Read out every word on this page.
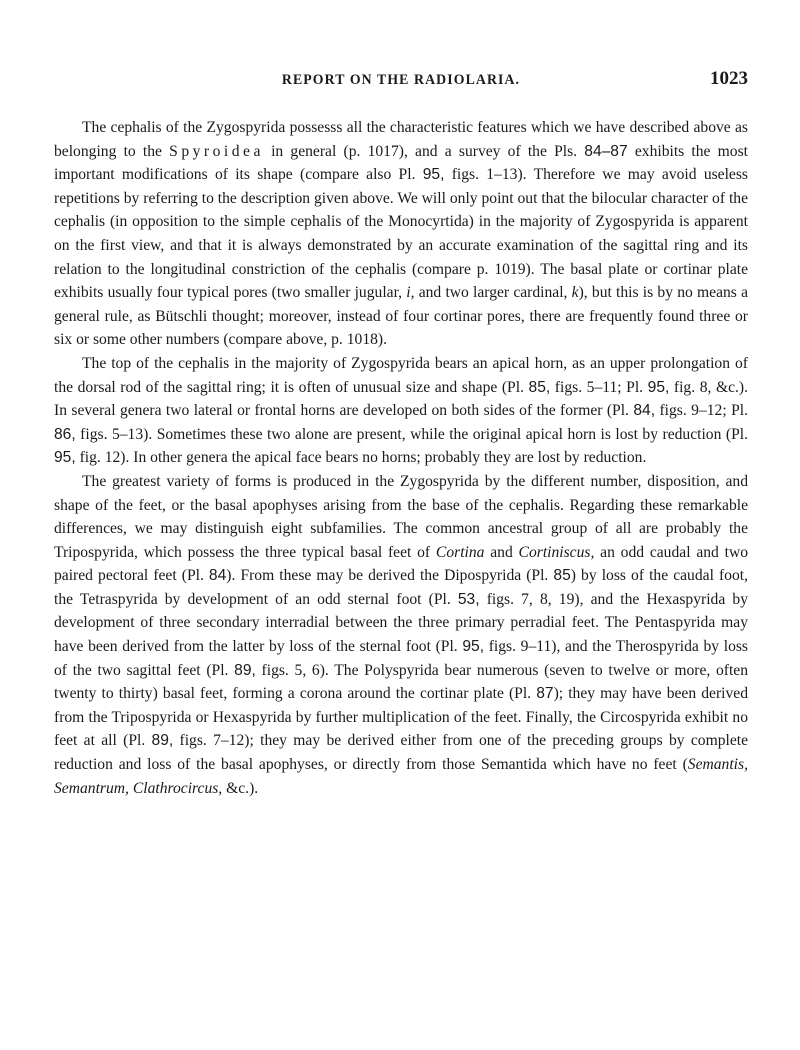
REPORT ON THE RADIOLARIA.	1023

The cephalis of the Zygospyrida possesss all the characteristic features which we have described above as belonging to the Spyroidea in general (p. 1017), and a survey of the Pls. 84–87 exhibits the most important modifications of its shape (compare also Pl. 95, figs. 1–13). Therefore we may avoid useless repetitions by referring to the description given above. We will only point out that the bilocular character of the cephalis (in opposition to the simple cephalis of the Monocyrtida) in the majority of Zygospyrida is apparent on the first view, and that it is always demonstrated by an accurate examination of the sagittal ring and its relation to the longitudinal constriction of the cephalis (compare p. 1019). The basal plate or cortinar plate exhibits usually four typical pores (two smaller jugular, i, and two larger cardinal, k), but this is by no means a general rule, as Bütschli thought; moreover, instead of four cortinar pores, there are frequently found three or six or some other numbers (compare above, p. 1018).

The top of the cephalis in the majority of Zygospyrida bears an apical horn, as an upper prolongation of the dorsal rod of the sagittal ring; it is often of unusual size and shape (Pl. 85, figs. 5–11; Pl. 95, fig. 8, &c.). In several genera two lateral or frontal horns are developed on both sides of the former (Pl. 84, figs. 9–12; Pl. 86, figs. 5–13). Sometimes these two alone are present, while the original apical horn is lost by reduction (Pl. 95, fig. 12). In other genera the apical face bears no horns; probably they are lost by reduction.

The greatest variety of forms is produced in the Zygospyrida by the different number, disposition, and shape of the feet, or the basal apophyses arising from the base of the cephalis. Regarding these remarkable differences, we may distinguish eight subfamilies. The common ancestral group of all are probably the Tripospyrida, which possess the three typical basal feet of Cortina and Cortiniscus, an odd caudal and two paired pectoral feet (Pl. 84). From these may be derived the Dipospyrida (Pl. 85) by loss of the caudal foot, the Tetraspyrida by development of an odd sternal foot (Pl. 53, figs. 7, 8, 19), and the Hexaspyrida by development of three secondary interradial between the three primary perradial feet. The Pentaspyrida may have been derived from the latter by loss of the sternal foot (Pl. 95, figs. 9–11), and the Therospyrida by loss of the two sagittal feet (Pl. 89, figs. 5, 6). The Polyspyrida bear numerous (seven to twelve or more, often twenty to thirty) basal feet, forming a corona around the cortinar plate (Pl. 87); they may have been derived from the Tripospyrida or Hexaspyrida by further multiplication of the feet. Finally, the Circospyrida exhibit no feet at all (Pl. 89, figs. 7–12); they may be derived either from one of the preceding groups by complete reduction and loss of the basal apophyses, or directly from those Semantida which have no feet (Semantis, Semantrum, Clathrocircus, &c.).
